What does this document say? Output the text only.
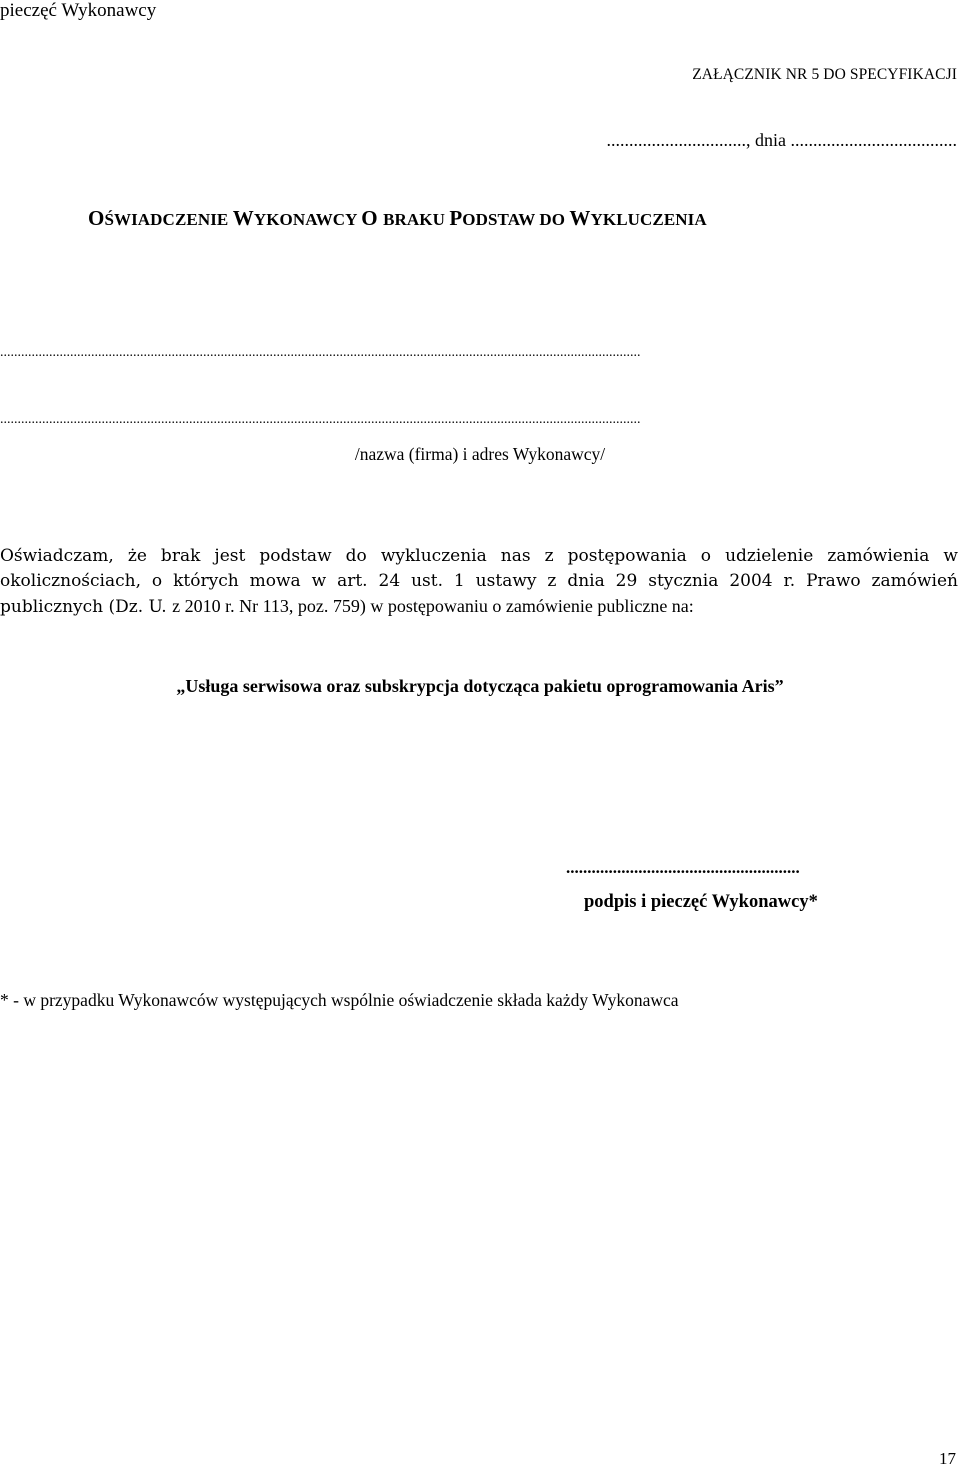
pieczęć Wykonawcy
ZAŁĄCZNIK NR 5 DO SPECYFIKACJI
..............................., dnia .....................................
OŚWIADCZENIE WYKONAWCY O BRAKU PODSTAW DO WYKLUCZENIA
.......................................................................................................................................................................................
.......................................................................................................................................................................................
/nazwa (firma) i adres Wykonawcy/
Oświadczam, że brak jest podstaw do wykluczenia nas z postępowania o udzielenie zamówienia w okolicznościach, o których mowa w art. 24 ust. 1 ustawy z dnia 29 stycznia 2004 r. Prawo zamówień publicznych (Dz. U. z 2010 r. Nr 113, poz. 759) w postępowaniu o zamówienie publiczne na:
„Usługa serwisowa oraz subskrypcja dotycząca pakietu oprogramowania Aris”
.......................................................
podpis i pieczęć Wykonawcy*
* - w przypadku Wykonawców występujących wspólnie oświadczenie składa każdy Wykonawca
17
